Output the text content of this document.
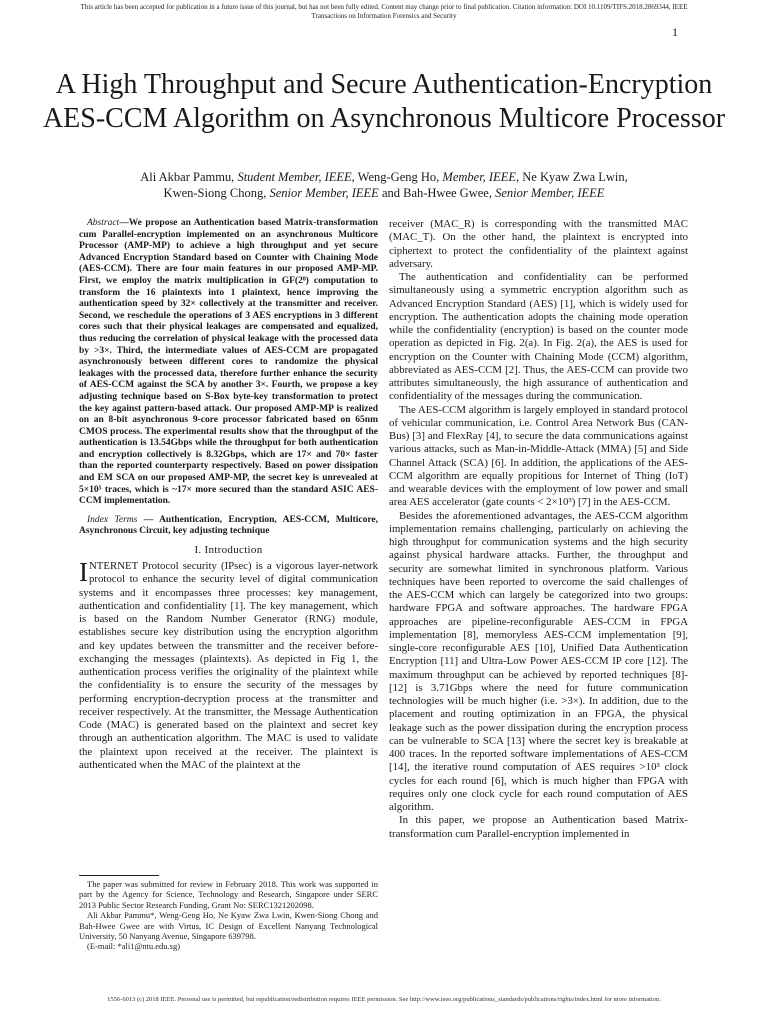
This article has been accepted for publication in a future issue of this journal, but has not been fully edited. Content may change prior to final publication. Citation information: DOI 10.1109/TIFS.2018.2869344, IEEE
Transactions on Information Forensics and Security
1
A High Throughput and Secure Authentication-Encryption AES-CCM Algorithm on Asynchronous Multicore Processor
Ali Akbar Pammu, Student Member, IEEE, Weng-Geng Ho, Member, IEEE, Ne Kyaw Zwa Lwin,
Kwen-Siong Chong, Senior Member, IEEE and Bah-Hwee Gwee, Senior Member, IEEE

Abstract—We propose an Authentication based Matrix-transformation cum Parallel-encryption implemented on an asynchronous Multicore Processor (AMP-MP) to achieve a high throughput and yet secure Advanced Encryption Standard based on Counter with Chaining Mode (AES-CCM). There are four main features in our proposed AMP-MP. First, we employ the matrix multiplication in GF(2⁸) computation to transform the 16 plaintexts into 1 plaintext, hence improving the authentication speed by 32× collectively at the transmitter and receiver. Second, we reschedule the operations of 3 AES encryptions in 3 different cores such that their physical leakages are compensated and equalized, thus reducing the correlation of physical leakage with the processed data by >3×. Third, the intermediate values of AES-CCM are propagated asynchronously between different cores to randomize the physical leakages with the processed data, therefore further enhance the security of AES-CCM against the SCA by another 3×. Fourth, we propose a key adjusting technique based on S-Box byte-key transformation to protect the key against pattern-based attack. Our proposed AMP-MP is realized on an 8-bit asynchronous 9-core processor fabricated based on 65nm CMOS process. The experimental results show that the throughput of the authentication is 13.54Gbps while the throughput for both authentication and encryption collectively is 8.32Gbps, which are 17× and 70× faster than the reported counterparty respectively. Based on power dissipation and EM SCA on our proposed AMP-MP, the secret key is unrevealed at 5×10⁵ traces, which is ~17× more secured than the standard ASIC AES-CCM implementation.

Index Terms — Authentication, Encryption, AES-CCM, Multicore, Asynchronous Circuit, key adjusting technique

I. Introduction

INTERNET Protocol security (IPsec) is a vigorous layer-network protocol to enhance the security level of digital communication systems and it encompasses three processes: key management, authentication and confidentiality [1]. The key management, which is based on the Random Number Generator (RNG) module, establishes secure key distribution using the encryption algorithm and key updates between the transmitter and the receiver before-exchanging the messages (plaintexts). As depicted in Fig 1, the authentication process verifies the originality of the plaintext while the confidentiality is to ensure the security of the messages by performing encryption-decryption process at the transmitter and receiver respectively. At the transmitter, the Message Authentication Code (MAC) is generated based on the plaintext and secret key through an authentication algorithm. The MAC is used to validate the plaintext upon received at the receiver. The plaintext is authenticated when the MAC of the plaintext at the

The paper was submitted for review in February 2018. This work was supported in part by the Agency for Science, Technology and Research, Singapore under SERC 2013 Public Sector Research Funding, Grant No: SERC1321202098.

Ali Akbar Pammu*, Weng-Geng Ho, Ne Kyaw Zwa Lwin, Kwen-Siong Chong and Bah-Hwee Gwee are with Virtus, IC Design of Excellent Nanyang Technological University, 50 Nanyang Avenue, Singapore 639798.

(E-mail: *ali1@ntu.edu.sg)

receiver (MAC_R) is corresponding with the transmitted MAC (MAC_T). On the other hand, the plaintext is encrypted into ciphertext to protect the confidentiality of the plaintext against adversary.

The authentication and confidentiality can be performed simultaneously using a symmetric encryption algorithm such as Advanced Encryption Standard (AES) [1], which is widely used for encryption. The authentication adopts the chaining mode operation while the confidentiality (encryption) is based on the counter mode operation as depicted in Fig. 2(a). In Fig. 2(a), the AES is used for encryption on the Counter with Chaining Mode (CCM) algorithm, abbreviated as AES-CCM [2]. Thus, the AES-CCM can provide two attributes simultaneously, the high assurance of authentication and confidentiality of the messages during the communication.

The AES-CCM algorithm is largely employed in standard protocol of vehicular communication, i.e. Control Area Network Bus (CAN-Bus) [3] and FlexRay [4], to secure the data communications against various attacks, such as Man-in-Middle-Attack (MMA) [5] and Side Channel Attack (SCA) [6]. In addition, the applications of the AES-CCM algorithm are equally propitious for Internet of Thing (IoT) and wearable devices with the employment of low power and small area AES accelerator (gate counts < 2×10³) [7] in the AES-CCM.

Besides the aforementioned advantages, the AES-CCM algorithm implementation remains challenging, particularly on achieving the high throughput for communication systems and the high security against physical hardware attacks. Further, the throughput and security are somewhat limited in synchronous platform. Various techniques have been reported to overcome the said challenges of the AES-CCM which can largely be categorized into two groups: hardware FPGA and software approaches. The hardware FPGA approaches are pipeline-reconfigurable AES-CCM in FPGA implementation [8], memoryless AES-CCM implementation [9], single-core reconfigurable AES [10], Unified Data Authentication Encryption [11] and Ultra-Low Power AES-CCM IP core [12]. The maximum throughput can be achieved by reported techniques [8]-[12] is 3.71Gbps where the need for future communication technologies will be much higher (i.e. >3×). In addition, due to the placement and routing optimization in an FPGA, the physical leakage such as the power dissipation during the encryption process can be vulnerable to SCA [13] where the secret key is breakable at 400 traces. In the reported software implementations of AES-CCM [14], the iterative round computation of AES requires >10³ clock cycles for each round [6], which is much higher than FPGA with requires only one clock cycle for each round computation of AES algorithm.

In this paper, we propose an Authentication based Matrix-transformation cum Parallel-encryption implemented in

1556-6013 (c) 2018 IEEE. Personal use is permitted, but republication/redistribution requires IEEE permission. See http://www.ieee.org/publications_standards/publications/rights/index.html for more information.
